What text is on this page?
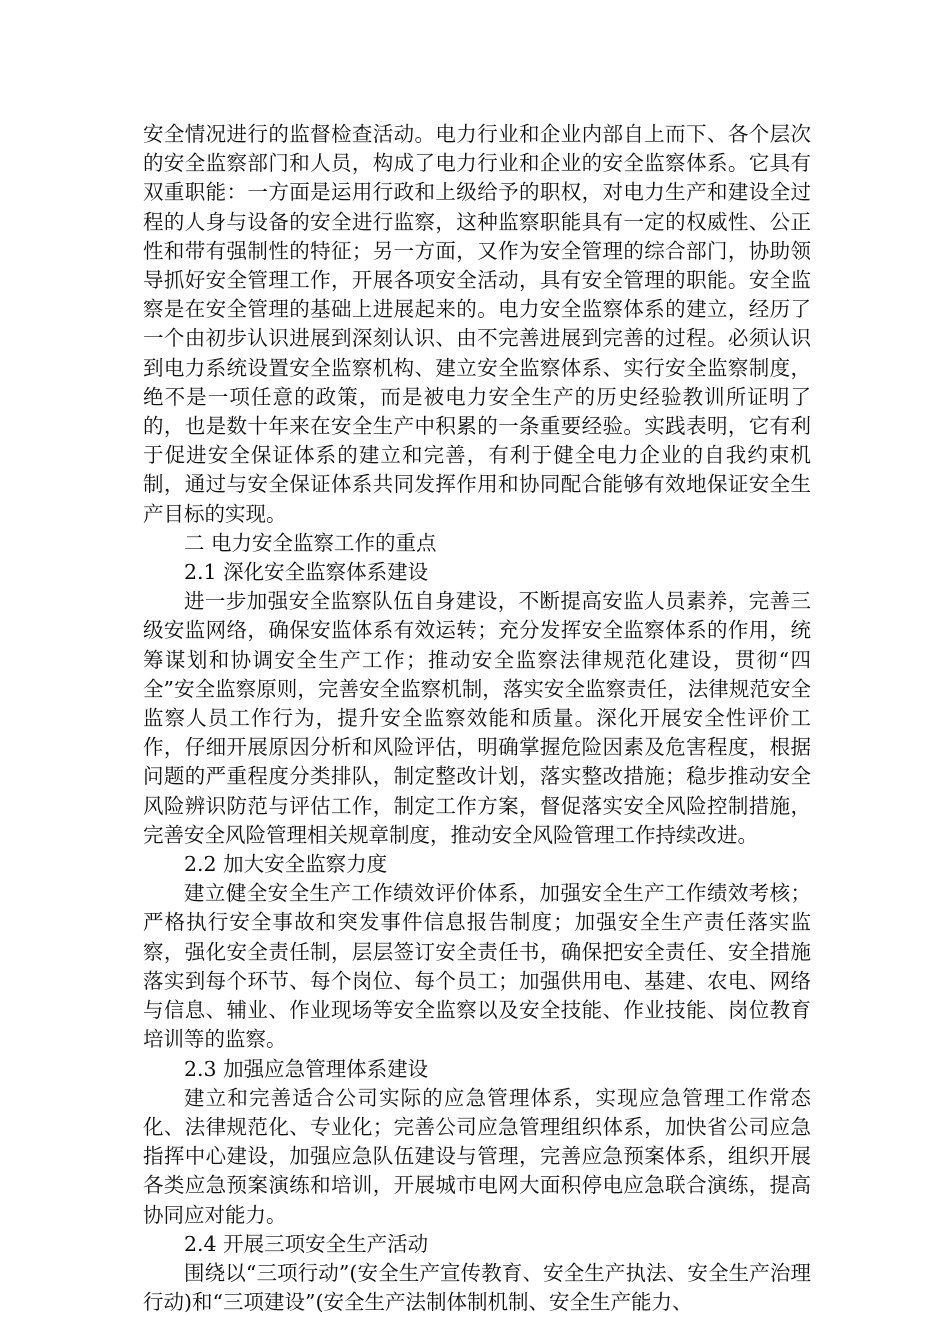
安全情况进行的监督检查活动。电力行业和企业内部自上而下、各个层次的安全监察部门和人员，构成了电力行业和企业的安全监察体系。它具有双重职能：一方面是运用行政和上级给予的职权，对电力生产和建设全过程的人身与设备的安全进行监察，这种监察职能具有一定的权威性、公正性和带有强制性的特征；另一方面，又作为安全管理的综合部门，协助领导抓好安全管理工作，开展各项安全活动，具有安全管理的职能。安全监察是在安全管理的基础上进展起来的。电力安全监察体系的建立，经历了一个由初步认识进展到深刻认识、由不完善进展到完善的过程。必须认识到电力系统设置安全监察机构、建立安全监察体系、实行安全监察制度，绝不是一项任意的政策，而是被电力安全生产的历史经验教训所证明了的，也是数十年来在安全生产中积累的一条重要经验。实践表明，它有利于促进安全保证体系的建立和完善，有利于健全电力企业的自我约束机制，通过与安全保证体系共同发挥作用和协同配合能够有效地保证安全生产目标的实现。

二 电力安全监察工作的重点
2.1 深化安全监察体系建设

进一步加强安全监察队伍自身建设，不断提高安监人员素养，完善三级安监网络，确保安监体系有效运转；充分发挥安全监察体系的作用，统筹谋划和协调安全生产工作；推动安全监察法律规范化建设，贯彻“四全”安全监察原则，完善安全监察机制，落实安全监察责任，法律规范安全监察人员工作行为，提升安全监察效能和质量。深化开展安全性评价工作，仔细开展原因分析和风险评估，明确掌握危险因素及危害程度，根据问题的严重程度分类排队，制定整改计划，落实整改措施；稳步推动安全风险辨识防范与评估工作，制定工作方案，督促落实安全风险控制措施，完善安全风险管理相关规章制度，推动安全风险管理工作持续改进。

2.2 加大安全监察力度

建立健全安全生产工作绩效评价体系，加强安全生产工作绩效考核；严格执行安全事故和突发事件信息报告制度；加强安全生产责任落实监察，强化安全责任制，层层签订安全责任书，确保把安全责任、安全措施落实到每个环节、每个岗位、每个员工；加强供用电、基建、农电、网络与信息、辅业、作业现场等安全监察以及安全技能、作业技能、岗位教育培训等的监察。

2.3 加强应急管理体系建设

建立和完善适合公司实际的应急管理体系，实现应急管理工作常态化、法律规范化、专业化；完善公司应急管理组织体系，加快省公司应急指挥中心建设，加强应急队伍建设与管理，完善应急预案体系，组织开展各类应急预案演练和培训，开展城市电网大面积停电应急联合演练，提高协同应对能力。

2.4 开展三项安全生产活动

围绕以“三项行动”(安全生产宣传教育、安全生产执法、安全生产治理行动)和“三项建设”(安全生产法制体制机制、安全生产能力、
